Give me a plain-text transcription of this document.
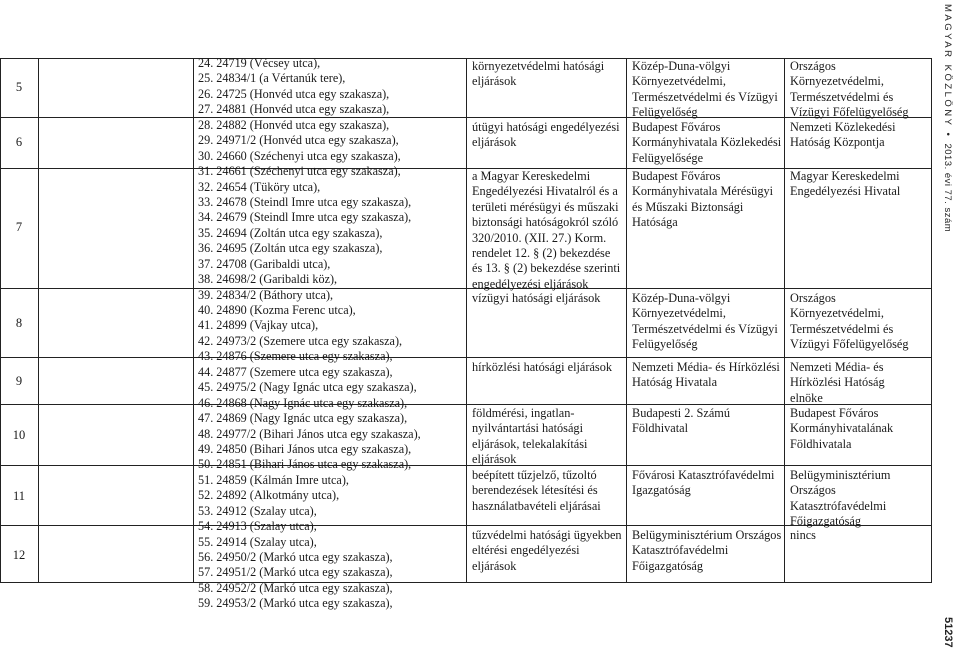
5
6
7
8
9
10
11
12
24. 24719 (Vécsey utca),
25. 24834/1 (a Vértanúk tere),
26. 24725 (Honvéd utca egy szakasza),
27. 24881 (Honvéd utca egy szakasza),
28. 24882 (Honvéd utca egy szakasza),
29. 24971/2 (Honvéd utca egy szakasza),
30. 24660 (Széchenyi utca egy szakasza),
31. 24661 (Széchenyi utca egy szakasza),
32. 24654 (Tüköry utca),
33. 24678 (Steindl Imre utca egy szakasza),
34. 24679 (Steindl Imre utca egy szakasza),
35. 24694 (Zoltán utca egy szakasza),
36. 24695 (Zoltán utca egy szakasza),
37. 24708 (Garibaldi utca),
38. 24698/2 (Garibaldi köz),
39. 24834/2 (Báthory utca),
40. 24890 (Kozma Ferenc utca),
41. 24899 (Vajkay utca),
42. 24973/2 (Szemere utca egy szakasza),
43. 24876 (Szemere utca egy szakasza),
44. 24877 (Szemere utca egy szakasza),
45. 24975/2 (Nagy Ignác utca egy szakasza),
46. 24868 (Nagy Ignác utca egy szakasza),
47. 24869 (Nagy Ignác utca egy szakasza),
48. 24977/2 (Bihari János utca egy szakasza),
49. 24850 (Bihari János utca egy szakasza),
50. 24851 (Bihari János utca egy szakasza),
51. 24859 (Kálmán Imre utca),
52. 24892 (Alkotmány utca),
53. 24912 (Szalay utca),
54. 24913 (Szalay utca),
55. 24914 (Szalay utca),
56. 24950/2 (Markó utca egy szakasza),
57. 24951/2 (Markó utca egy szakasza),
58. 24952/2 (Markó utca egy szakasza),
59. 24953/2 (Markó utca egy szakasza),
környezetvédelmi hatósági eljárások
útügyi hatósági engedélyezési eljárások
a Magyar Kereskedelmi Engedélyezési Hivatalról és a területi mérésügyi és műszaki biztonsági hatóságokról szóló 320/2010. (XII. 27.) Korm. rendelet 12. § (2) bekezdése és 13. § (2) bekezdése szerinti engedélyezési eljárások
vízügyi hatósági eljárások
hírközlési hatósági eljárások
földmérési, ingatlan-nyilvántartási hatósági eljárások, telekalakítási eljárások
beépített tűzjelző, tűzoltó berendezések létesítési és használatbavételi eljárásai
tűzvédelmi hatósági ügyekben eltérési engedélyezési eljárások
Közép-Duna-völgyi Környezetvédelmi, Természetvédelmi és Vízügyi Felügyelőség
Budapest Főváros Kormányhivatala Közlekedési Felügyelősége
Budapest Főváros Kormányhivatala Mérésügyi és Műszaki Biztonsági Hatósága
Közép-Duna-völgyi Környezetvédelmi, Természetvédelmi és Vízügyi Felügyelőség
Nemzeti Média- és Hírközlési Hatóság Hivatala
Budapesti 2. Számú Földhivatal
Fővárosi Katasztrófavédelmi Igazgatóság
Belügyminisztérium Országos Katasztrófavédelmi Főigazgatóság
Országos Környezetvédelmi, Természetvédelmi és Vízügyi Főfelügyelőség
Nemzeti Közlekedési Hatóság Központja
Magyar Kereskedelmi Engedélyezési Hivatal
Országos Környezetvédelmi, Természetvédelmi és Vízügyi Főfelügyelőség
Nemzeti Média- és Hírközlési Hatóság elnöke
Budapest Főváros Kormányhivatalának Földhivatala
Belügyminisztérium Országos Katasztrófavédelmi Főigazgatóság
nincs
MAGYAR KÖZLÖNY • 2013. évi 77. szám
51237
